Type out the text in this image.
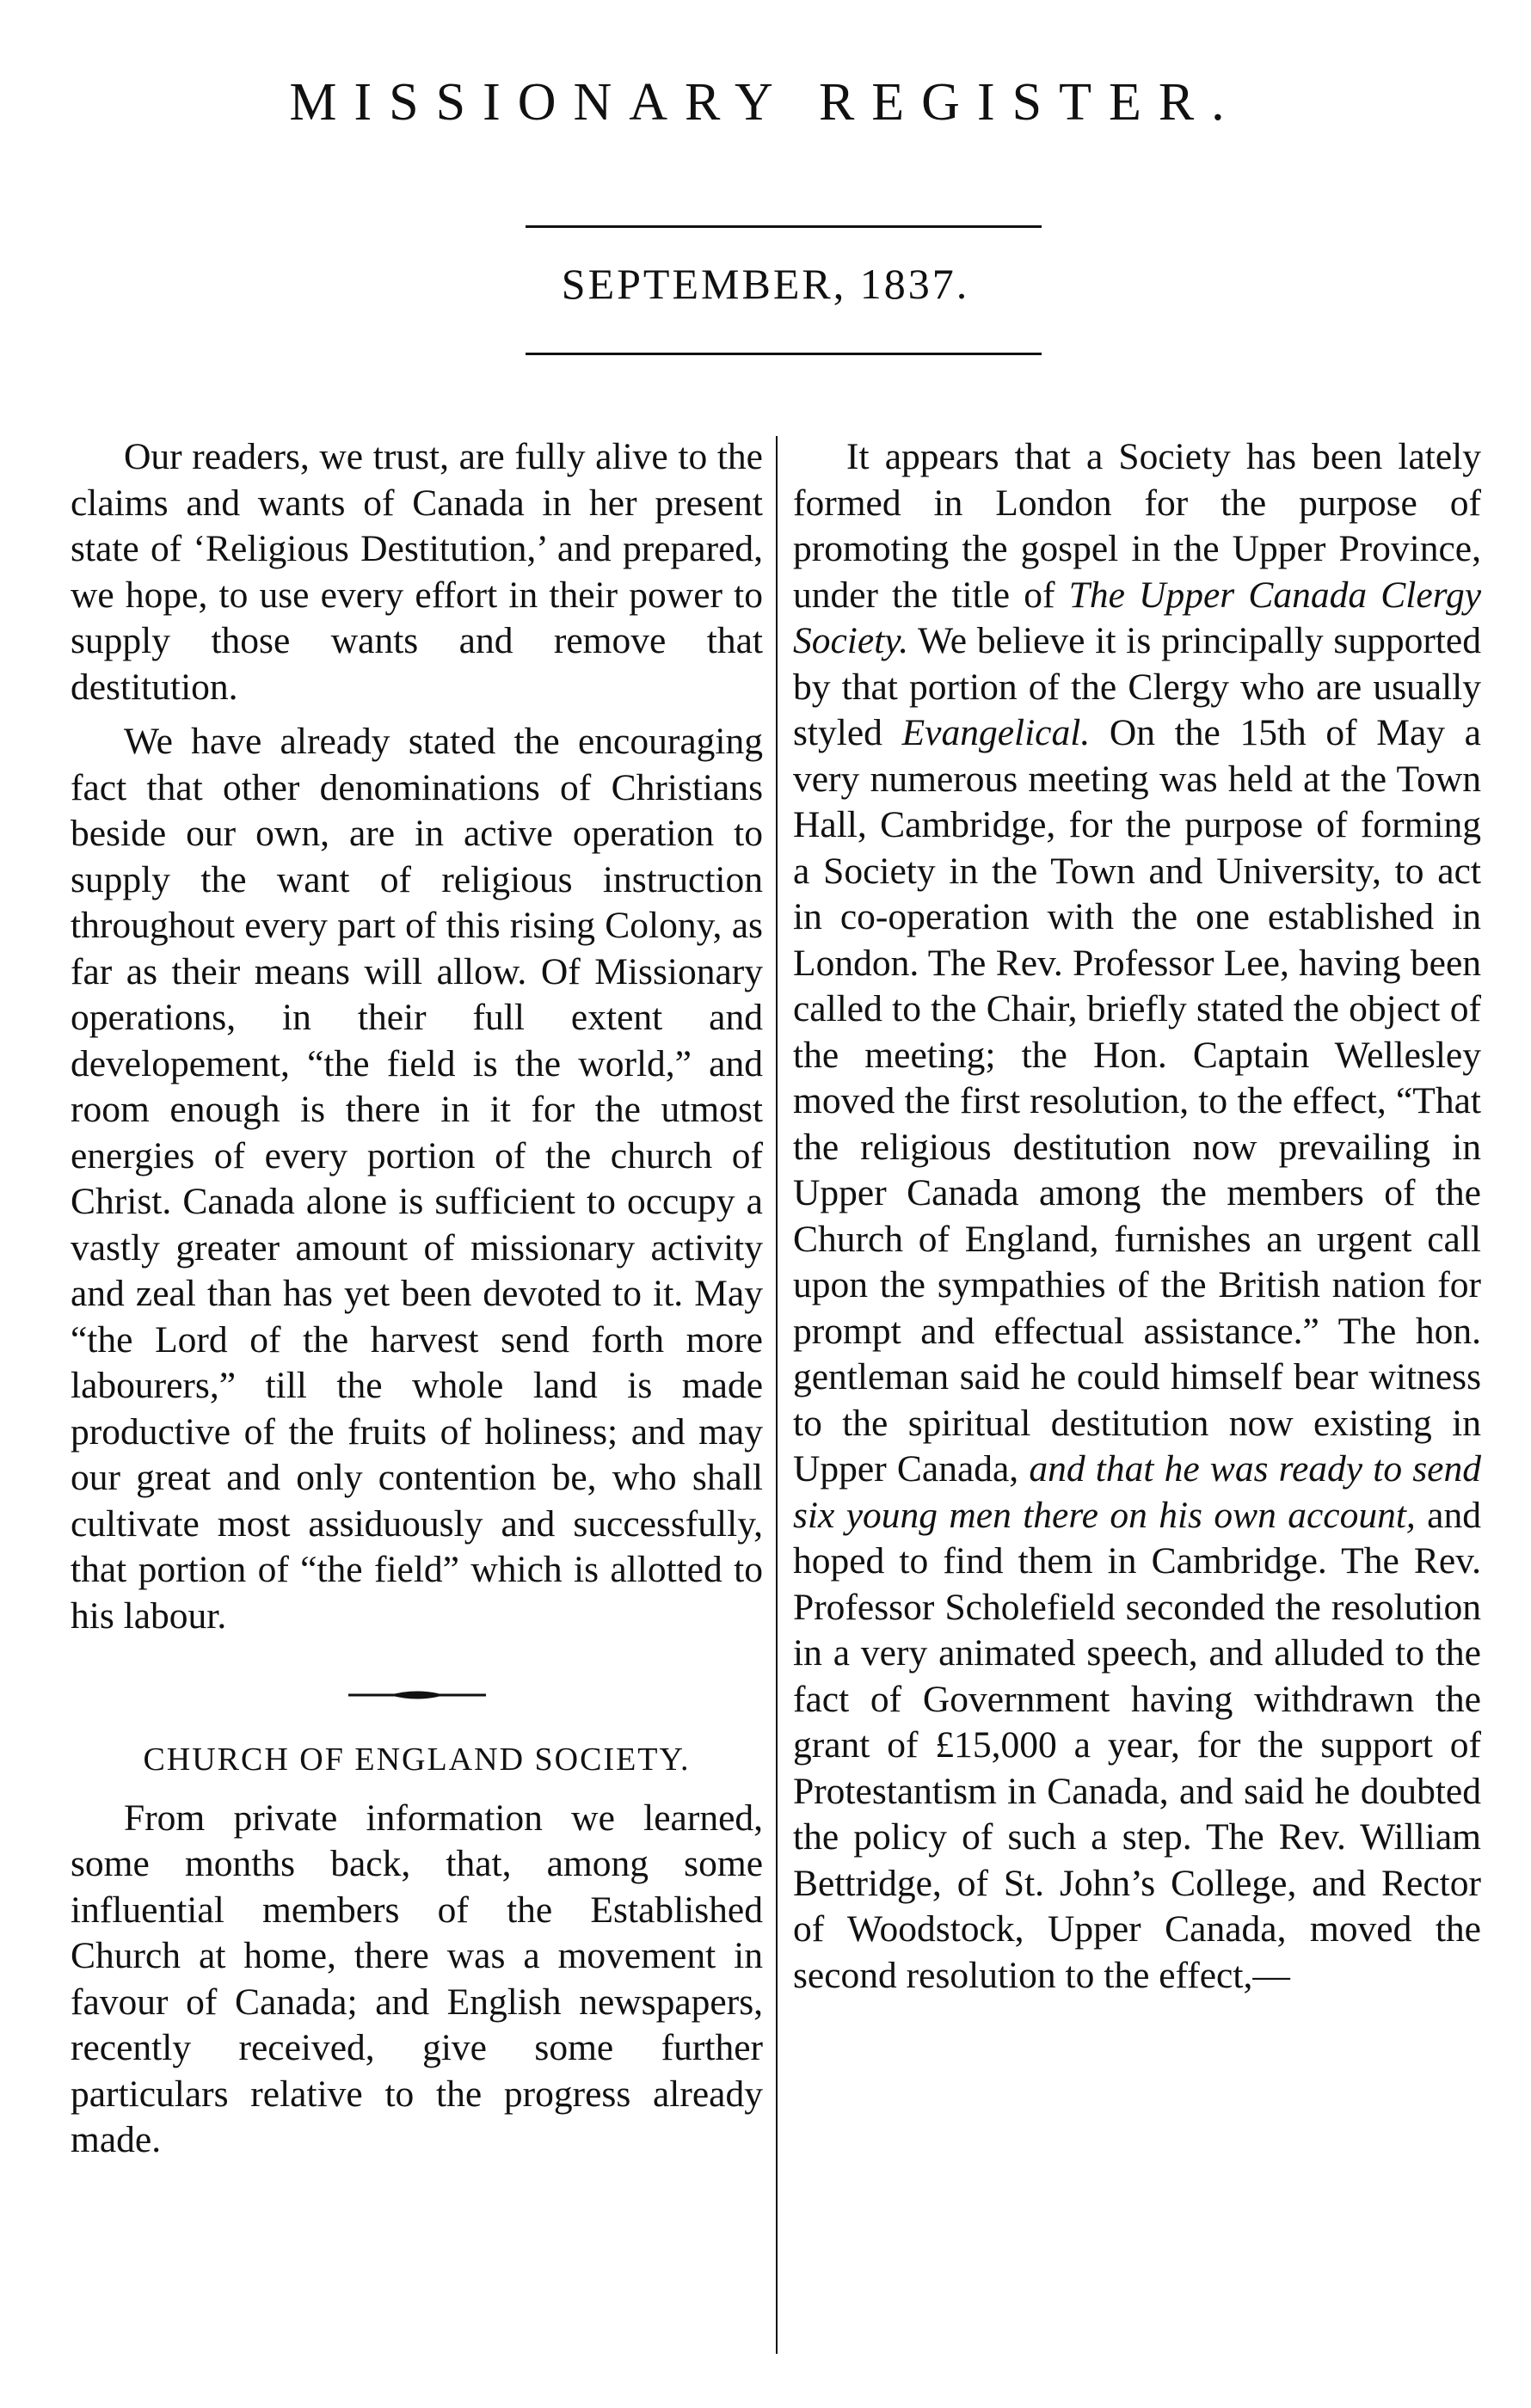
MISSIONARY REGISTER.
SEPTEMBER, 1837.

Our readers, we trust, are fully alive to the claims and wants of Canada in her present state of ‘Religious Destitution,’ and prepared, we hope, to use every effort in their power to supply those wants and remove that destitution.

We have already stated the encouraging fact that other denominations of Christians beside our own, are in active operation to supply the want of religious instruction throughout every part of this rising Colony, as far as their means will allow. Of Missionary operations, in their full extent and developement, “the field is the world,” and room enough is there in it for the utmost energies of every portion of the church of Christ. Canada alone is sufficient to occupy a vastly greater amount of missionary activity and zeal than has yet been devoted to it. May “the Lord of the harvest send forth more labourers,” till the whole land is made productive of the fruits of holiness; and may our great and only contention be, who shall cultivate most assiduously and successfully, that portion of “the field” which is allotted to his labour.

CHURCH OF ENGLAND SOCIETY.

From private information we learned, some months back, that, among some influential members of the Established Church at home, there was a movement in favour of Canada; and English newspapers, recently received, give some further particulars relative to the progress already made.

It appears that a Society has been lately formed in London for the purpose of promoting the gospel in the Upper Province, under the title of The Upper Canada Clergy Society. We believe it is principally supported by that portion of the Clergy who are usually styled Evangelical. On the 15th of May a very numerous meeting was held at the Town Hall, Cambridge, for the purpose of forming a Society in the Town and University, to act in co-operation with the one established in London. The Rev. Professor Lee, having been called to the Chair, briefly stated the object of the meeting; the Hon. Captain Wellesley moved the first resolution, to the effect, “That the religious destitution now prevailing in Upper Canada among the members of the Church of England, furnishes an urgent call upon the sympathies of the British nation for prompt and effectual assistance.” The hon. gentleman said he could himself bear witness to the spiritual destitution now existing in Upper Canada, and that he was ready to send six young men there on his own account, and hoped to find them in Cambridge. The Rev. Professor Scholefield seconded the resolution in a very animated speech, and alluded to the fact of Government having withdrawn the grant of £15,000 a year, for the support of Protestantism in Canada, and said he doubted the policy of such a step. The Rev. William Bettridge, of St. John’s College, and Rector of Woodstock, Upper Canada, moved the second resolution to the effect,—
